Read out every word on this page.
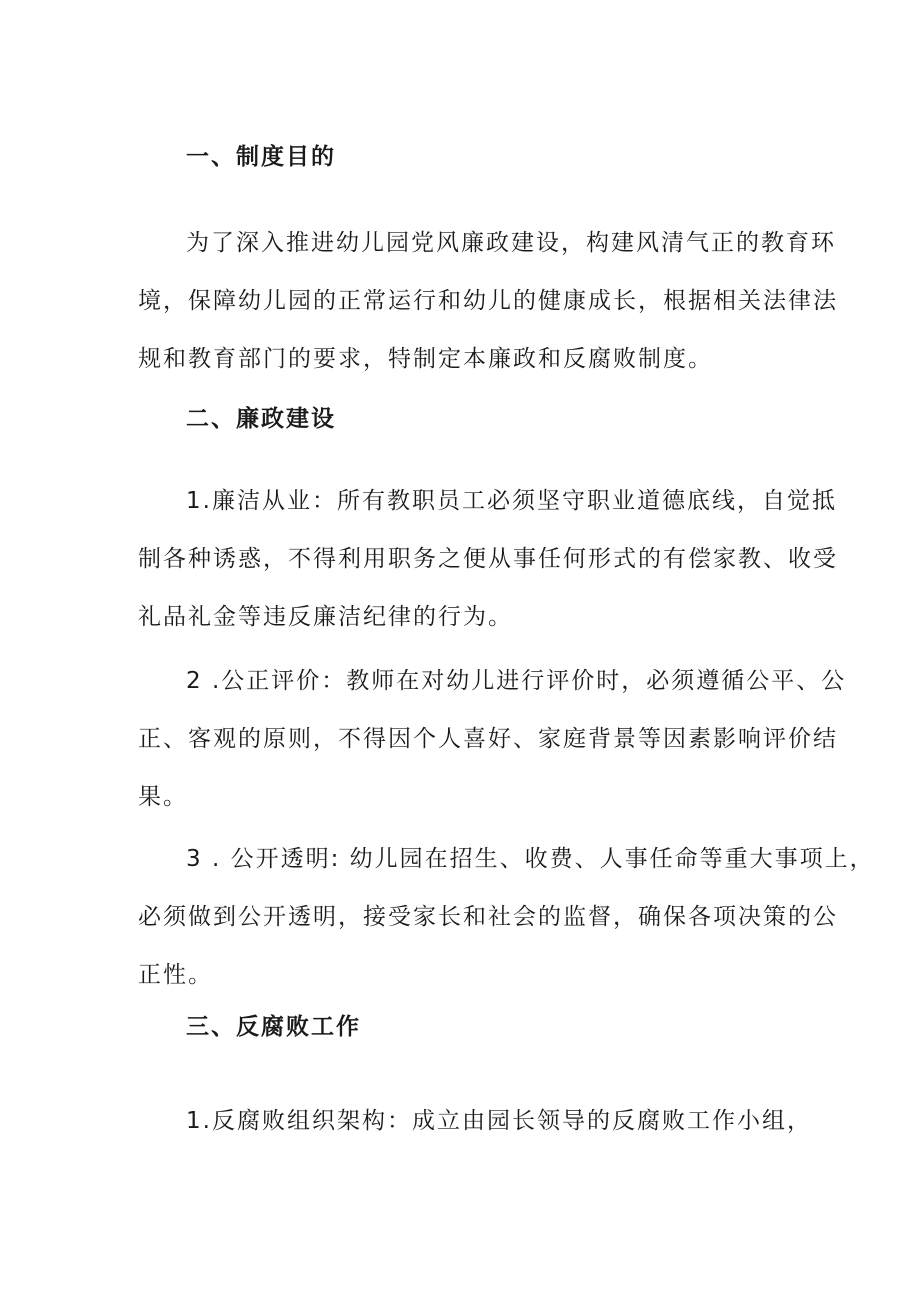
一、制度目的

为了深入推进幼儿园党风廉政建设，构建风清气正的教育环
境，保障幼儿园的正常运行和幼儿的健康成长，根据相关法律法
规和教育部门的要求，特制定本廉政和反腐败制度。

二、廉政建设

1.廉洁从业：所有教职员工必须坚守职业道德底线，自觉抵
制各种诱惑，不得利用职务之便从事任何形式的有偿家教、收受
礼品礼金等违反廉洁纪律的行为。

2 .公正评价：教师在对幼儿进行评价时，必须遵循公平、公
正、客观的原则，不得因个人喜好、家庭背景等因素影响评价结
果。

3 . 公开透明: 幼儿园在招生、收费、人事任命等重大事项上，
必须做到公开透明，接受家长和社会的监督，确保各项决策的公
正性。

三、反腐败工作

1.反腐败组织架构：成立由园长领导的反腐败工作小组，
